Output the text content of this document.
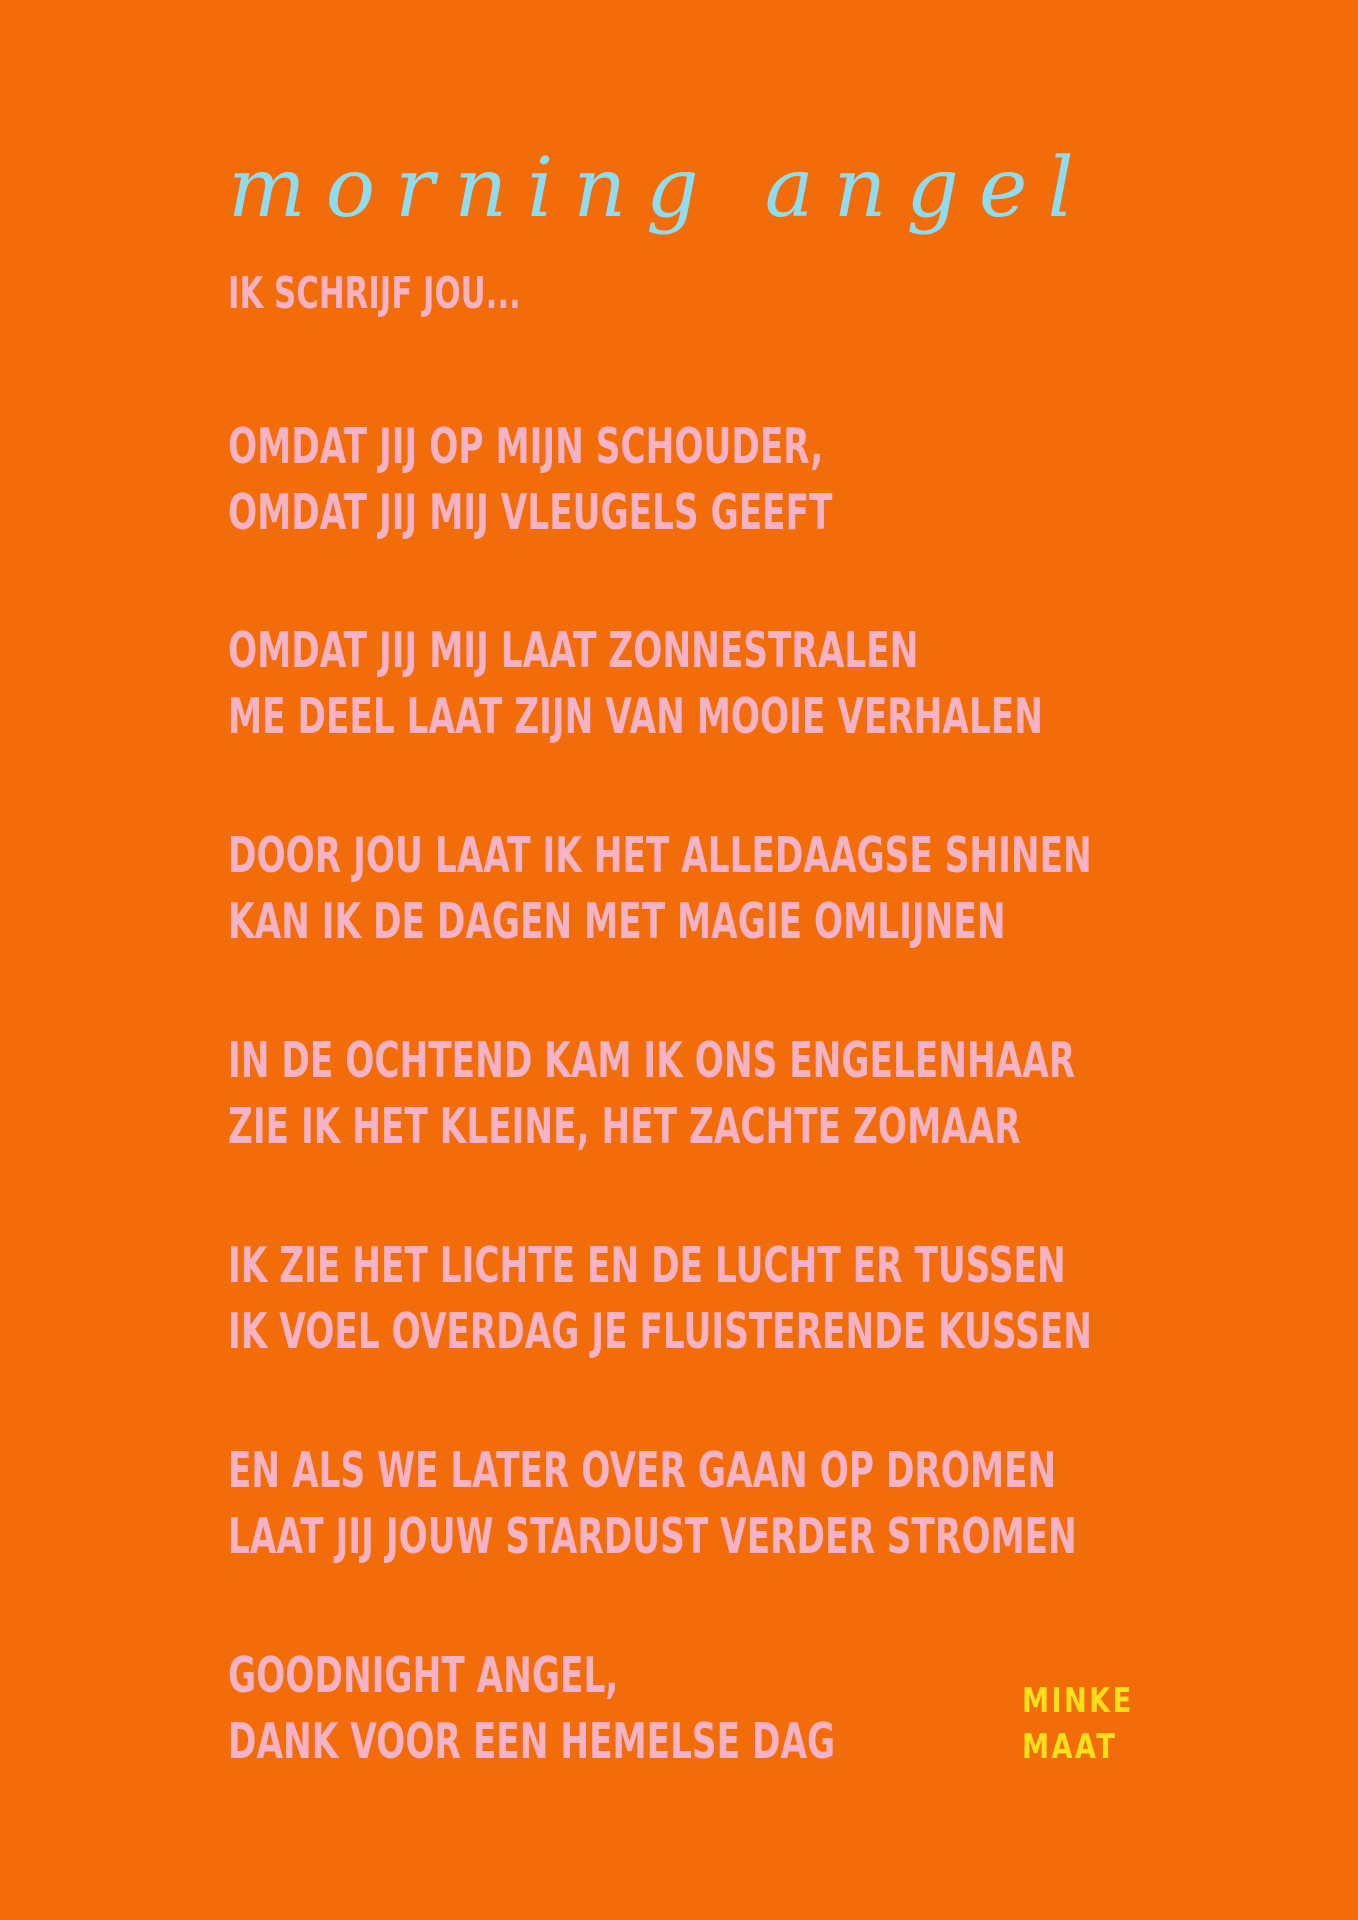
morning angel

IK SCHRIJF JOU...

OMDAT JIJ OP MIJN SCHOUDER,
OMDAT JIJ MIJ VLEUGELS GEEFT

OMDAT JIJ MIJ LAAT ZONNESTRALEN
ME DEEL LAAT ZIJN VAN MOOIE VERHALEN

DOOR JOU LAAT IK HET ALLEDAAGSE SHINEN
KAN IK DE DAGEN MET MAGIE OMLIJNEN

IN DE OCHTEND KAM IK ONS ENGELENHAAR
ZIE IK HET KLEINE, HET ZACHTE ZOMAAR

IK ZIE HET LICHTE EN DE LUCHT ER TUSSEN
IK VOEL OVERDAG JE FLUISTERENDE KUSSEN

EN ALS WE LATER OVER GAAN OP DROMEN
LAAT JIJ JOUW STARDUST VERDER STROMEN

GOODNIGHT ANGEL,
DANK VOOR EEN HEMELSE DAG

MINKE
MAAT
